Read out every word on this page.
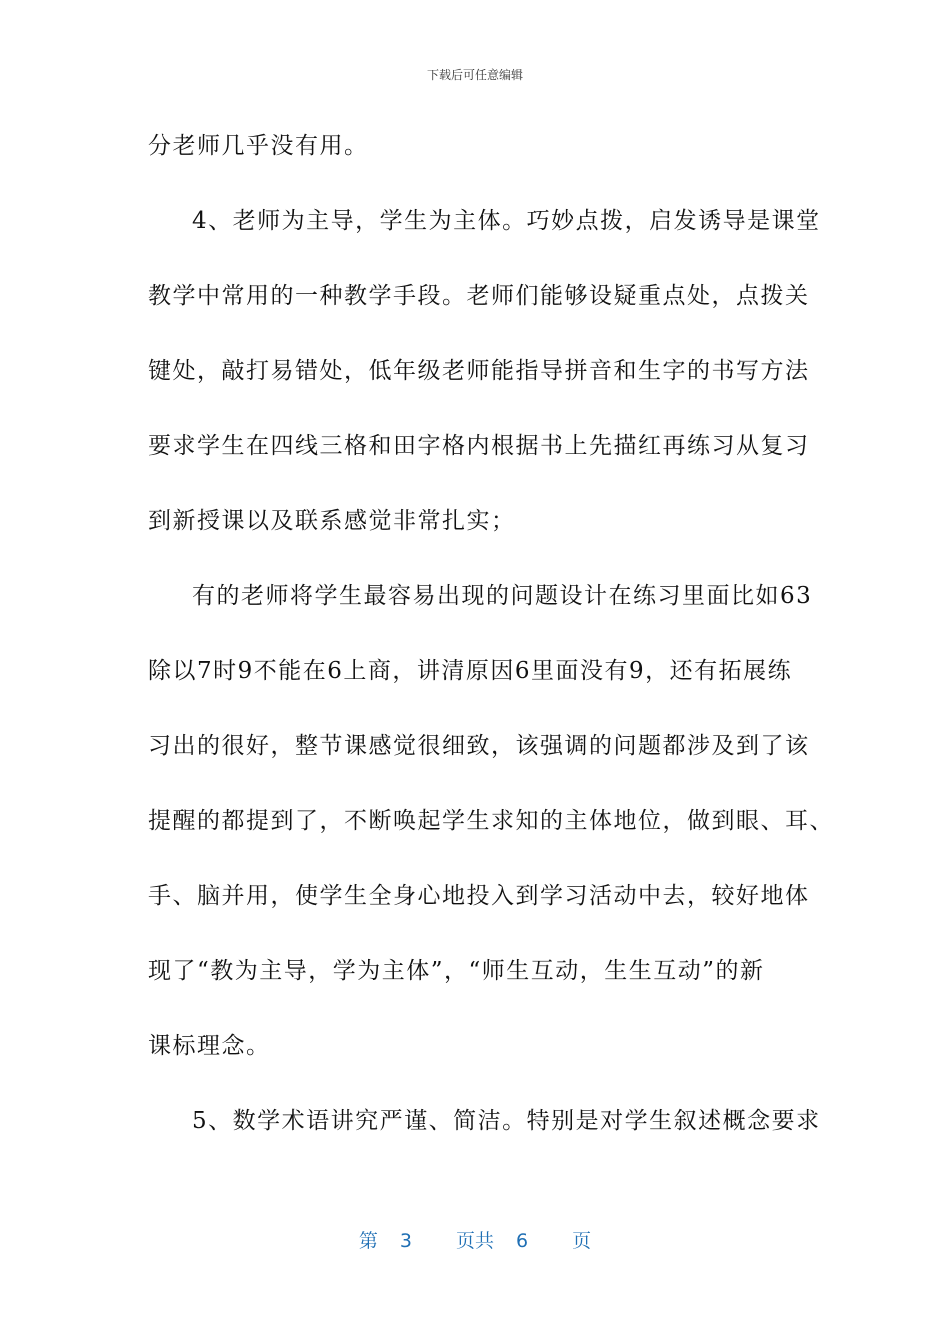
下载后可任意编辑
分老师几乎没有用。
4、老师为主导，学生为主体。巧妙点拨，启发诱导是课堂
教学中常用的一种教学手段。老师们能够设疑重点处，点拨关
键处，敲打易错处，低年级老师能指导拼音和生字的书写方法
要求学生在四线三格和田字格内根据书上先描红再练习从复习
到新授课以及联系感觉非常扎实；
有的老师将学生最容易出现的问题设计在练习里面比如63
除以7时9不能在6上商，讲清原因6里面没有9，还有拓展练
习出的很好，整节课感觉很细致，该强调的问题都涉及到了该
提醒的都提到了，不断唤起学生求知的主体地位，做到眼、耳、
手、脑并用，使学生全身心地投入到学习活动中去，较好地体
现了“教为主导，学为主体”，“师生互动，生生互动”的新
课标理念。
5、数学术语讲究严谨、简洁。特别是对学生叙述概念要求
第 3 页共 6 页
